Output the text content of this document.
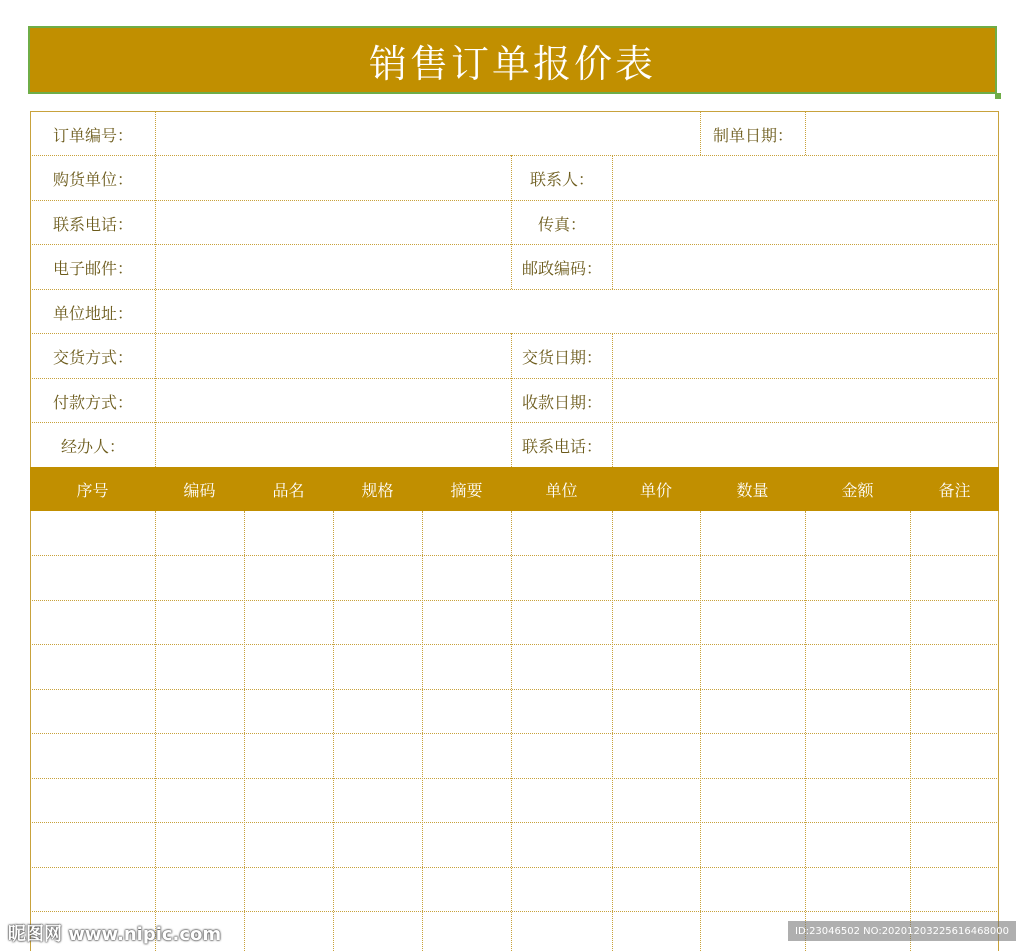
销售订单报价表
订单编号：	制单日期：
购货单位：	联系人：
联系电话：	传真：
电子邮件：	邮政编码：
单位地址：
交货方式：	交货日期：
付款方式：	收款日期：
经办人：	联系电话：
序号	编码	品名	规格	摘要	单位	单价	数量	金额	备注
昵图网 www.nipic.com	ID:23046502 NO:20201203225616468000
